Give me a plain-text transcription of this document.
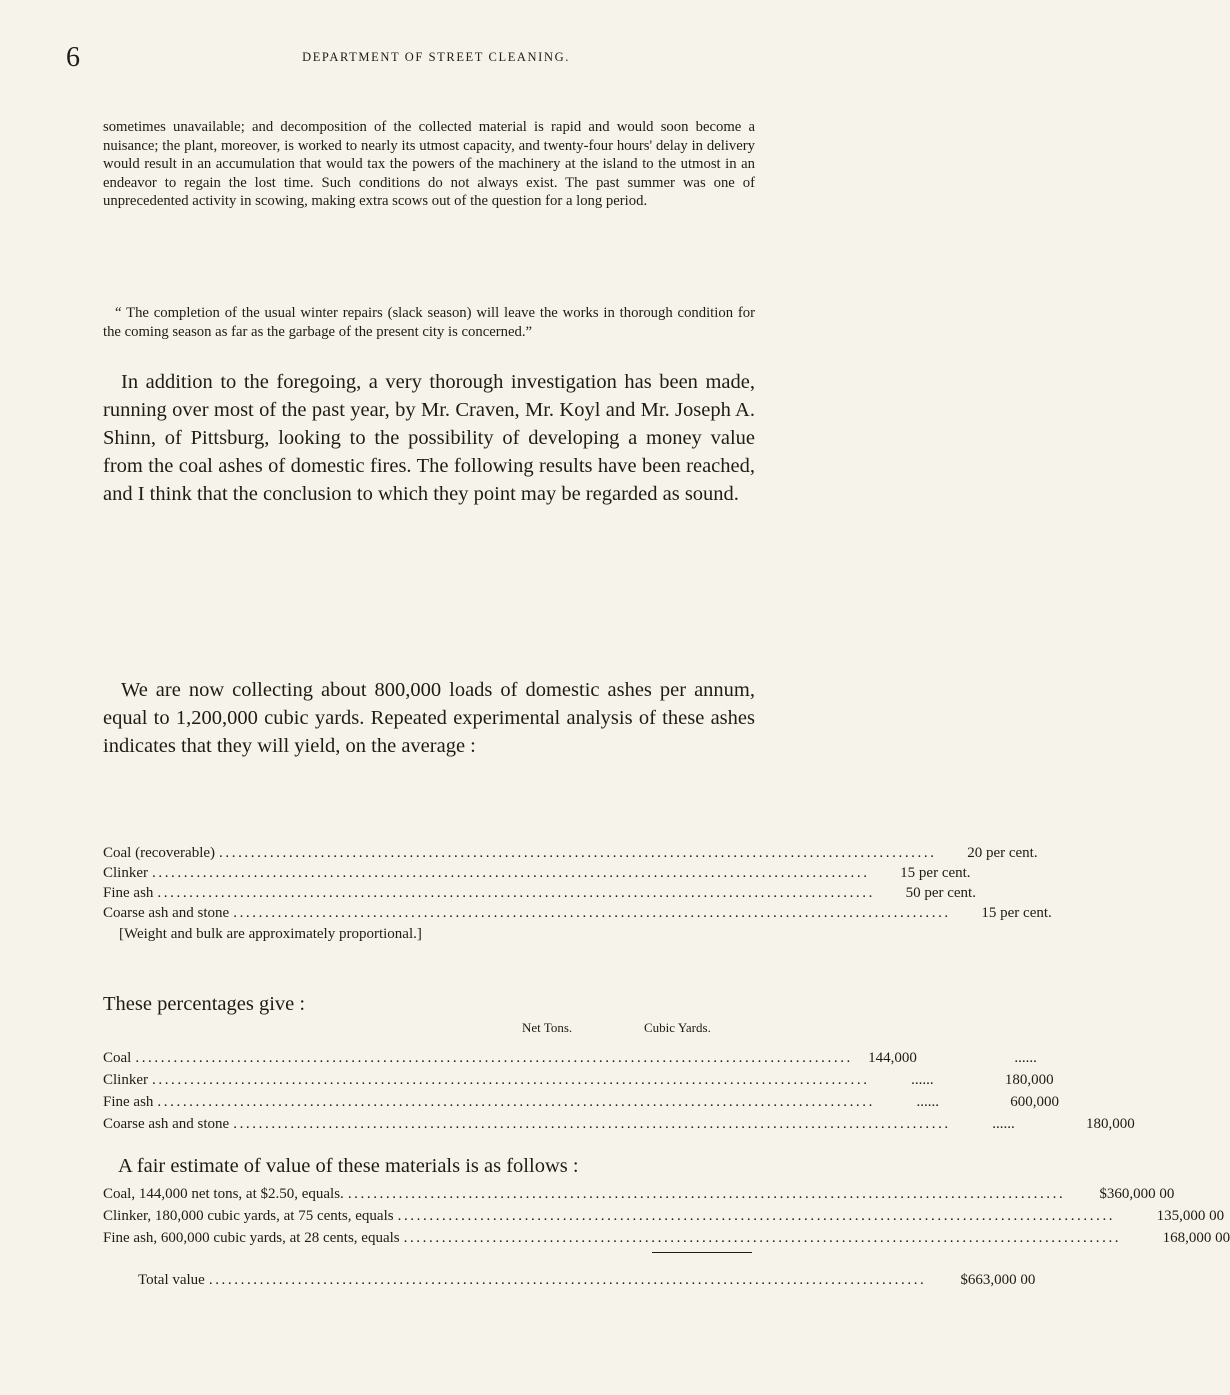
6	DEPARTMENT OF STREET CLEANING.

sometimes unavailable; and decomposition of the collected material is rapid and would soon become a nuisance; the plant, moreover, is worked to nearly its utmost capacity, and twenty-four hours' delay in delivery would result in an accumulation that would tax the powers of the machinery at the island to the utmost in an endeavor to regain the lost time. Such conditions do not always exist. The past summer was one of unprecedented activity in scowing, making extra scows out of the question for a long period.

“ The completion of the usual winter repairs (slack season) will leave the works in thorough condition for the coming season as far as the garbage of the present city is concerned.”

In addition to the foregoing, a very thorough investigation has been made, running over most of the past year, by Mr. Craven, Mr. Koyl and Mr. Joseph A. Shinn, of Pittsburg, looking to the possibility of developing a money value from the coal ashes of domestic fires. The following results have been reached, and I think that the conclusion to which they point may be regarded as sound.

We are now collecting about 800,000 loads of domestic ashes per annum, equal to 1,200,000 cubic yards. Repeated experimental analysis of these ashes indicates that they will yield, on the average :

Coal (recoverable) .................................................................................................................	20 per cent.
Clinker .................................................................................................................	15 per cent.
Fine ash .................................................................................................................	50 per cent.
Coarse ash and stone .................................................................................................................	15 per cent.
[Weight and bulk are approximately proportional.]

These percentages give :

Net Tons.	Cubic Yards.
Coal .................................................................................................................	144,000	......
Clinker .................................................................................................................	......	180,000
Fine ash .................................................................................................................	......	600,000
Coarse ash and stone .................................................................................................................	......	180,000

A fair estimate of value of these materials is as follows :

Coal, 144,000 net tons, at $2.50, equals. .................................................................................................................	$360,000 00
Clinker, 180,000 cubic yards, at 75 cents, equals .................................................................................................................	135,000 00
Fine ash, 600,000 cubic yards, at 28 cents, equals .................................................................................................................	168,000 00
Total value .................................................................................................................	$663,000 00
